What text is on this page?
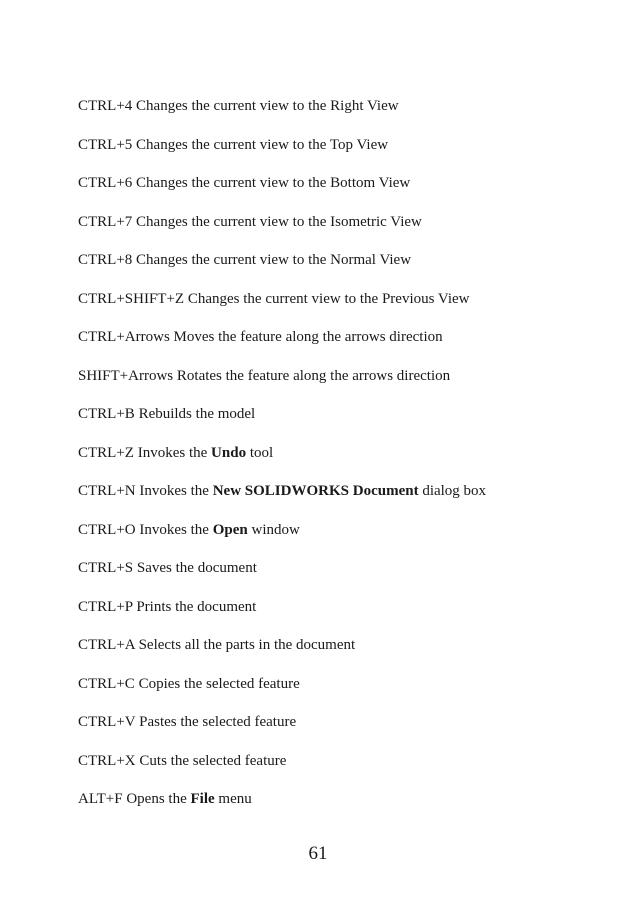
CTRL+4 Changes the current view to the Right View
CTRL+5 Changes the current view to the Top View
CTRL+6 Changes the current view to the Bottom View
CTRL+7 Changes the current view to the Isometric View
CTRL+8 Changes the current view to the Normal View
CTRL+SHIFT+Z Changes the current view to the Previous View
CTRL+Arrows Moves the feature along the arrows direction
SHIFT+Arrows Rotates the feature along the arrows direction
CTRL+B Rebuilds the model
CTRL+Z Invokes the Undo tool
CTRL+N Invokes the New SOLIDWORKS Document dialog box
CTRL+O Invokes the Open window
CTRL+S Saves the document
CTRL+P Prints the document
CTRL+A Selects all the parts in the document
CTRL+C Copies the selected feature
CTRL+V Pastes the selected feature
CTRL+X Cuts the selected feature
ALT+F Opens the File menu
61
